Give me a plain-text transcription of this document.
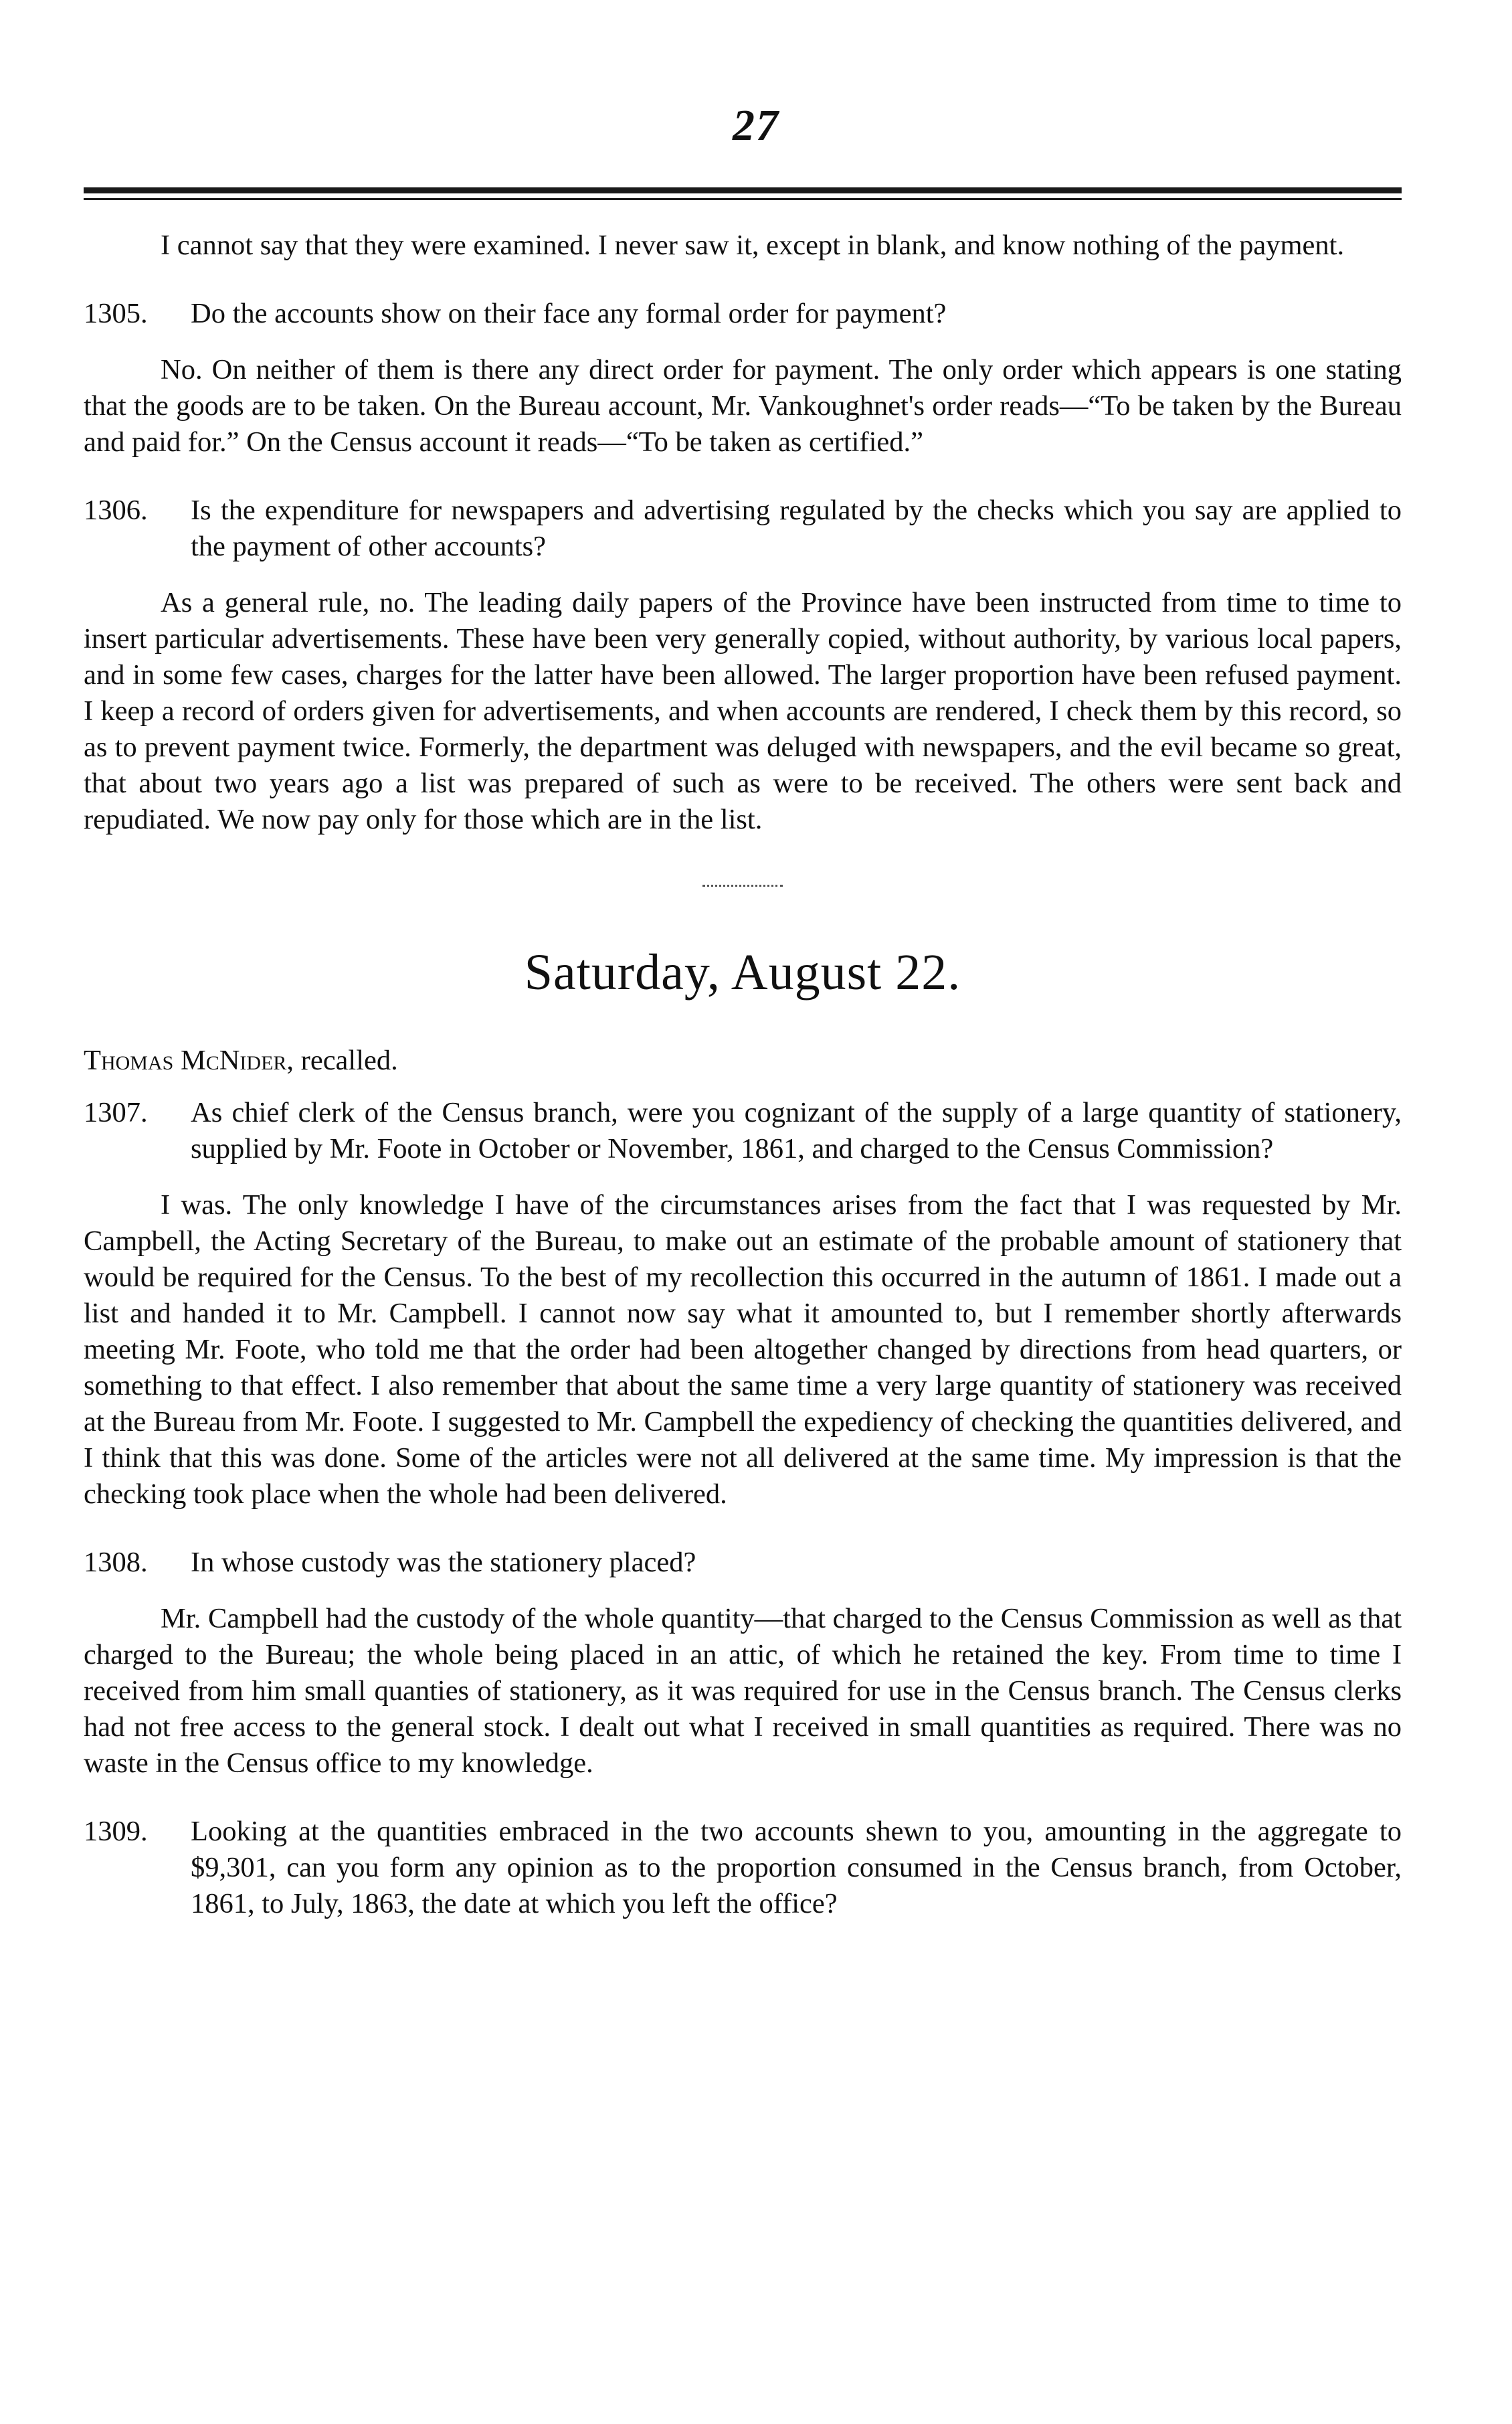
27

I cannot say that they were examined. I never saw it, except in blank, and know nothing of the payment.

1305. Do the accounts show on their face any formal order for payment?

No. On neither of them is there any direct order for payment. The only order which appears is one stating that the goods are to be taken. On the Bureau account, Mr. Vankoughnet's order reads—“To be taken by the Bureau and paid for.” On the Census account it reads—“To be taken as certified.”

1306. Is the expenditure for newspapers and advertising regulated by the checks which you say are applied to the payment of other accounts?

As a general rule, no. The leading daily papers of the Province have been instructed from time to time to insert particular advertisements. These have been very generally copied, without authority, by various local papers, and in some few cases, charges for the latter have been allowed. The larger proportion have been refused payment. I keep a record of orders given for advertisements, and when accounts are rendered, I check them by this record, so as to prevent payment twice. Formerly, the department was deluged with newspapers, and the evil became so great, that about two years ago a list was prepared of such as were to be received. The others were sent back and repudiated. We now pay only for those which are in the list.

Saturday, August 22.
Thomas McNider, recalled.

1307. As chief clerk of the Census branch, were you cognizant of the supply of a large quantity of stationery, supplied by Mr. Foote in October or November, 1861, and charged to the Census Commission?

I was. The only knowledge I have of the circumstances arises from the fact that I was requested by Mr. Campbell, the Acting Secretary of the Bureau, to make out an estimate of the probable amount of stationery that would be required for the Census. To the best of my recollection this occurred in the autumn of 1861. I made out a list and handed it to Mr. Campbell. I cannot now say what it amounted to, but I remember shortly afterwards meeting Mr. Foote, who told me that the order had been altogether changed by directions from head quarters, or something to that effect. I also remember that about the same time a very large quantity of stationery was received at the Bureau from Mr. Foote. I suggested to Mr. Campbell the expediency of checking the quantities delivered, and I think that this was done. Some of the articles were not all delivered at the same time. My impression is that the checking took place when the whole had been delivered.

1308. In whose custody was the stationery placed?

Mr. Campbell had the custody of the whole quantity—that charged to the Census Commission as well as that charged to the Bureau; the whole being placed in an attic, of which he retained the key. From time to time I received from him small quanties of stationery, as it was required for use in the Census branch. The Census clerks had not free access to the general stock. I dealt out what I received in small quantities as required. There was no waste in the Census office to my knowledge.

1309. Looking at the quantities embraced in the two accounts shewn to you, amounting in the aggregate to $9,301, can you form any opinion as to the proportion consumed in the Census branch, from October, 1861, to July, 1863, the date at which you left the office?
